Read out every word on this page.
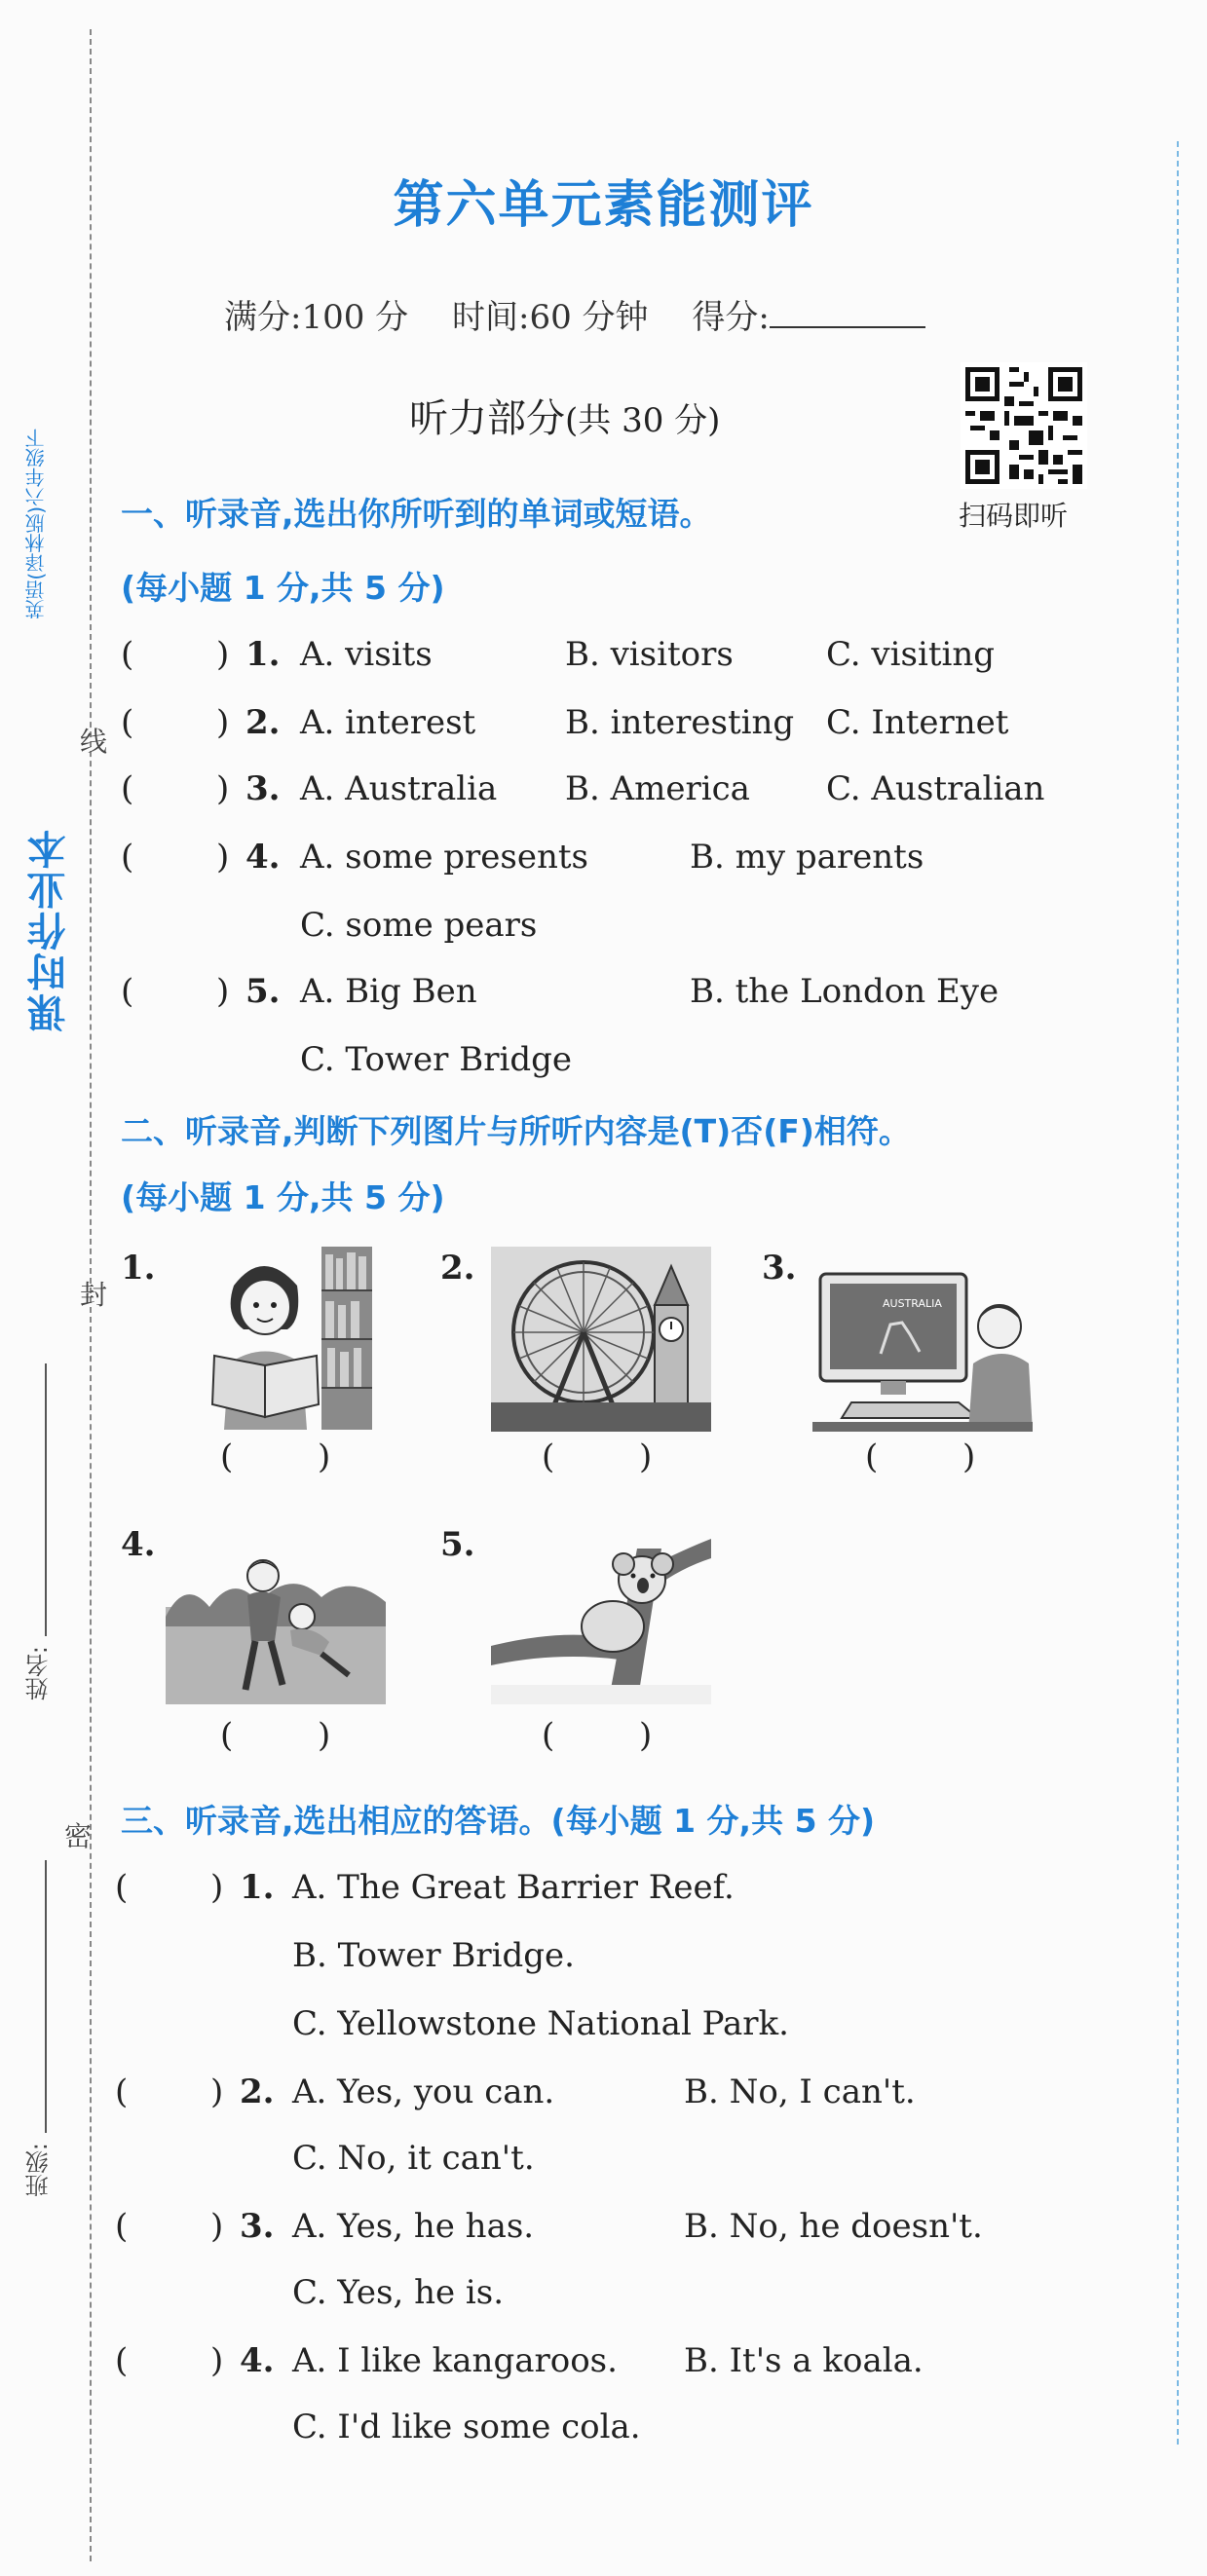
英语(译林版)六年级下
课时作业本
线
封
密
姓名:
班级:
第六单元素能测评
满分:100 分 时间:60 分钟 得分:
听力部分(共 30 分)
扫码即听
一、听录音,选出你所听到的单词或短语。
(每小题 1 分,共 5 分)
( ) 1. A. visits	B. visitors	C. visiting
( ) 2. A. interest	B. interesting C. Internet
( ) 3. A. Australia B. America C. Australian
( ) 4. A. some presents	B. my parents
C. some pears
( ) 5. A. Big Ben	B. the London Eye
C. Tower Bridge
二、听录音,判断下列图片与所听内容是(T)否(F)相符。
(每小题 1 分,共 5 分)
1.
(	)
2.
(	)
3.
AUSTRALIA
(	)
4.
(	)
5.
(	)
三、听录音,选出相应的答语。(每小题 1 分,共 5 分)
( ) 1. A. The Great Barrier Reef.
B. Tower Bridge.
C. Yellowstone National Park.
( ) 2. A. Yes, you can.	B. No, I can't.
C. No, it can't.
( ) 3. A. Yes, he has.	B. No, he doesn't.
C. Yes, he is.
( ) 4. A. I like kangaroos. B. It's a koala.
C. I'd like some cola.
